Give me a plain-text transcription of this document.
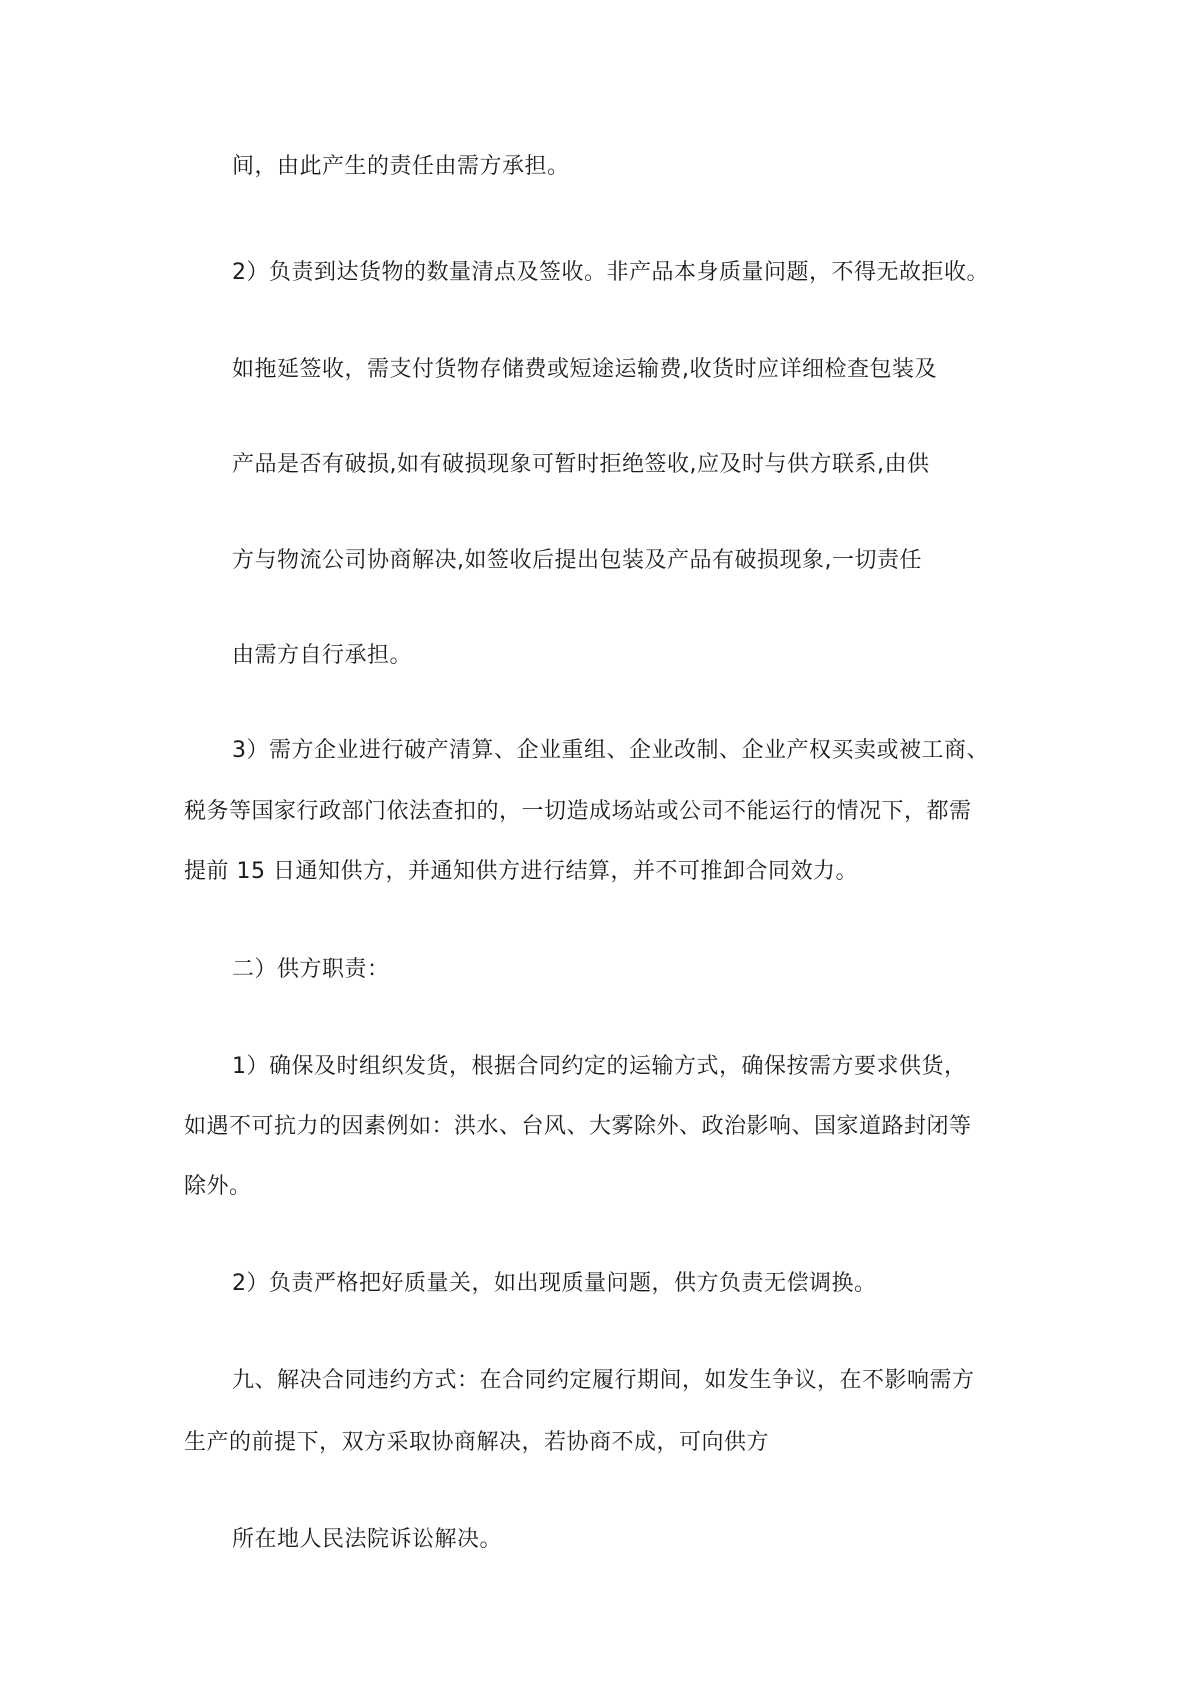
间，由此产生的责任由需方承担。
2）负责到达货物的数量清点及签收。非产品本身质量问题，不得无故拒收。
如拖延签收，需支付货物存储费或短途运输费,收货时应详细检查包装及
产品是否有破损,如有破损现象可暂时拒绝签收,应及时与供方联系,由供
方与物流公司协商解决,如签收后提出包装及产品有破损现象,一切责任
由需方自行承担。
3）需方企业进行破产清算、企业重组、企业改制、企业产权买卖或被工商、
税务等国家行政部门依法查扣的，一切造成场站或公司不能运行的情况下，都需
提前 15 日通知供方，并通知供方进行结算，并不可推卸合同效力。
二）供方职责：
1）确保及时组织发货，根据合同约定的运输方式，确保按需方要求供货，
如遇不可抗力的因素例如：洪水、台风、大雾除外、政治影响、国家道路封闭等
除外。
2）负责严格把好质量关，如出现质量问题，供方负责无偿调换。
九、解决合同违约方式：在合同约定履行期间，如发生争议，在不影响需方
生产的前提下，双方采取协商解决，若协商不成，可向供方
所在地人民法院诉讼解决。
